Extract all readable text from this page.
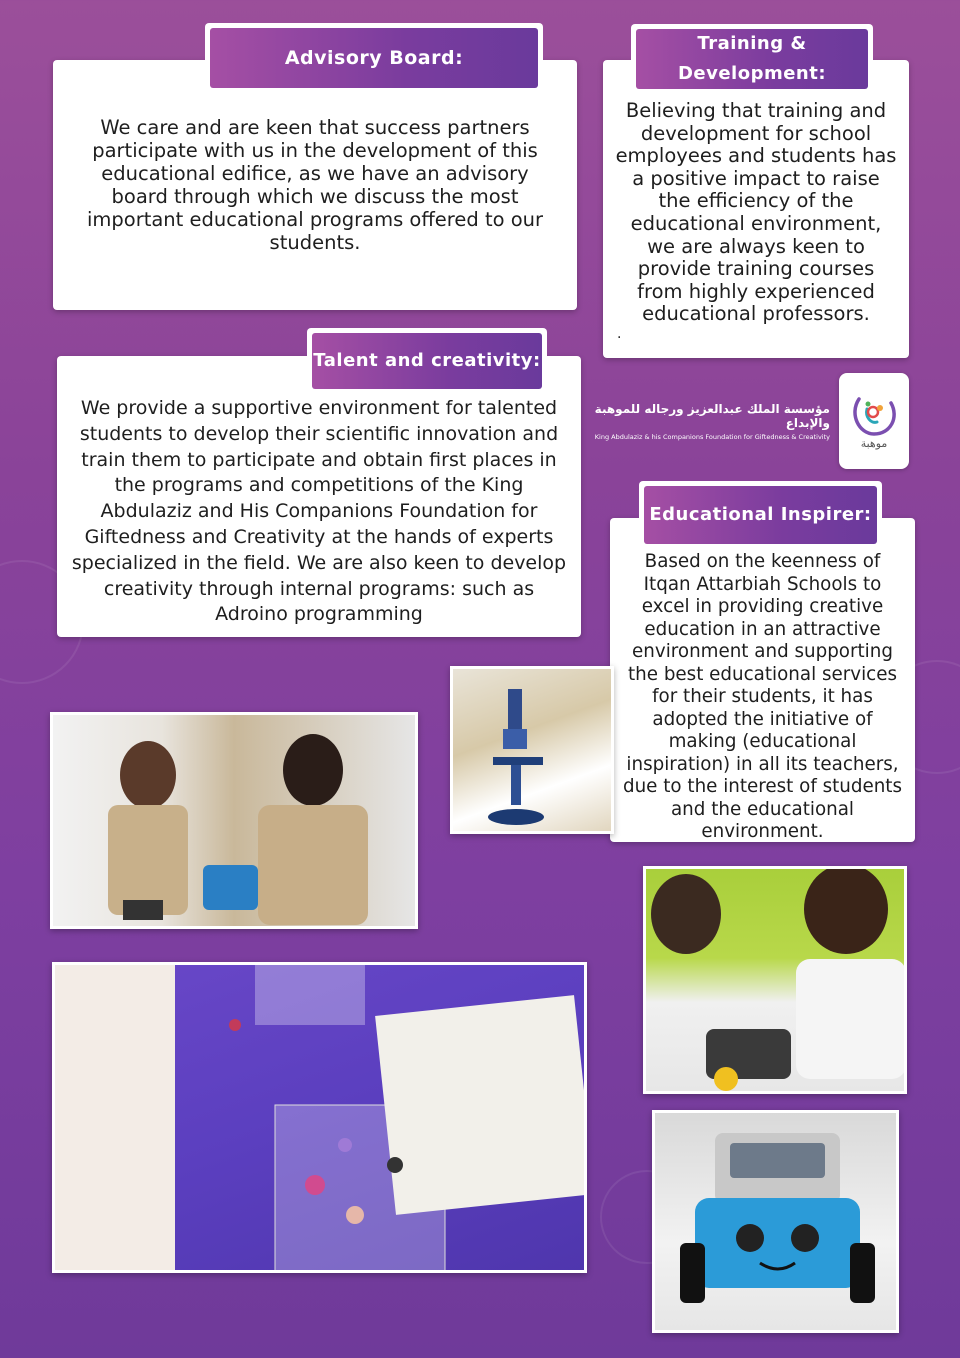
We care and are keen that success partners participate with us in the development of this educational edifice, as we have an advisory board through which we discuss the most important educational programs offered to our students.

Advisory Board:

Believing that training and development for school employees and students has a positive impact to raise the efficiency of the educational environment, we are always keen to provide training courses from highly experienced educational professors.

.
Training & Development:

We provide a supportive environment for talented students to develop their scientific innovation and train them to participate and obtain first places in the programs and competitions of the King Abdulaziz and His Companions Foundation for Giftedness and Creativity at the hands of experts specialized in the field. We are also keen to develop creativity through internal programs: such as Adroino programming

Talent and creativity:
مؤسسة الملك عبدالعزيز ورجاله للموهبة والإبداع
King Abdulaziz & his Companions Foundation for Giftedness & Creativity	موهبة

Based on the keenness of Itqan Attarbiah Schools to excel in providing creative education in an attractive environment and supporting the best educational services for their students, it has adopted the initiative of making (educational inspiration) in all its teachers, due to the interest of students and the educational environment.

Educational Inspirer:
